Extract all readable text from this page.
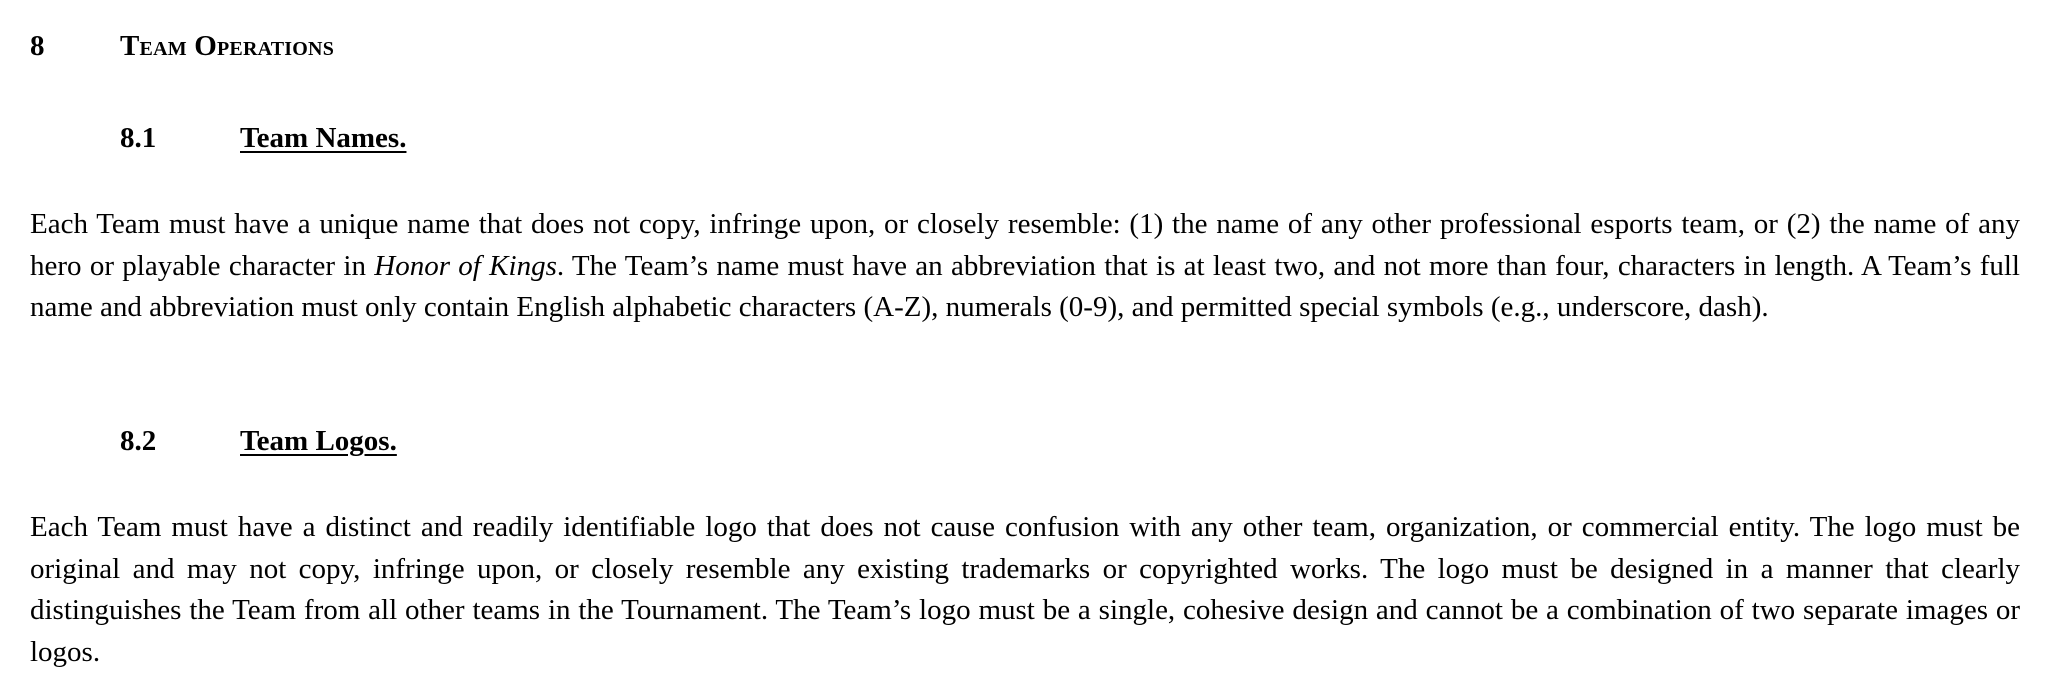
8	Team Operations
8.1	Team Names.

Each Team must have a unique name that does not copy, infringe upon, or closely resemble: (1) the name of any other professional esports team, or (2) the name of any hero or playable character in Honor of Kings. The Team’s name must have an abbreviation that is at least two, and not more than four, characters in length. A Team’s full name and abbreviation must only contain English alphabetic characters (A-Z), numerals (0-9), and permitted special symbols (e.g., underscore, dash).

8.2	Team Logos.

Each Team must have a distinct and readily identifiable logo that does not cause confusion with any other team, organization, or commercial entity. The logo must be original and may not copy, infringe upon, or closely resemble any existing trademarks or copyrighted works. The logo must be designed in a manner that clearly distinguishes the Team from all other teams in the Tournament. The Team’s logo must be a single, cohesive design and cannot be a combination of two separate images or logos.
